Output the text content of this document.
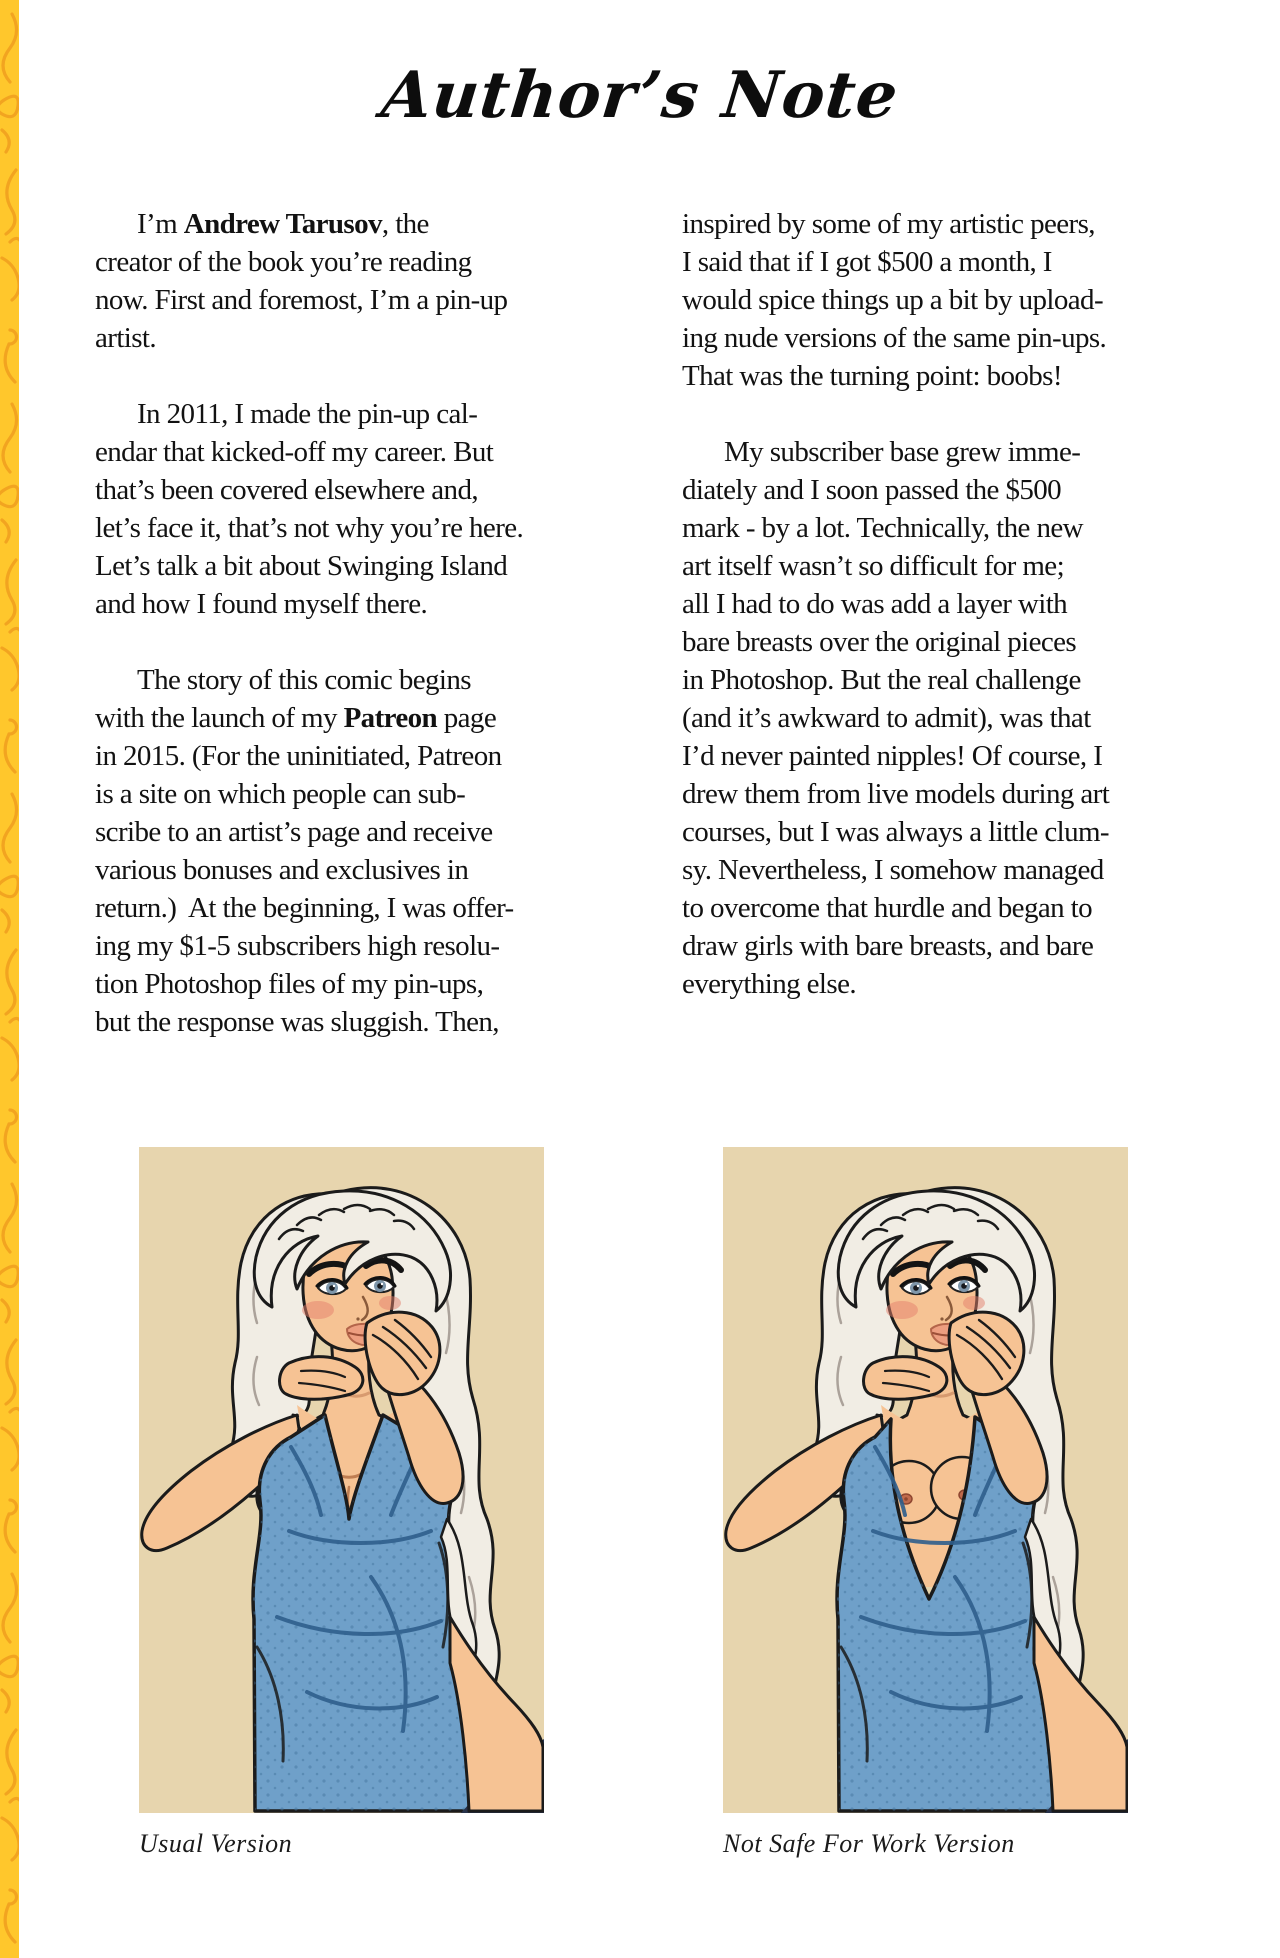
Author’s Note
I’m Andrew Tarusov, the
creator of the book you’re reading
now. First and foremost, I’m a pin-up
artist.
In 2011, I made the pin-up cal-
endar that kicked-off my career. But
that’s been covered elsewhere and,
let’s face it, that’s not why you’re here.
Let’s talk a bit about Swinging Island
and how I found myself there.
The story of this comic begins
with the launch of my Patreon page
in 2015. (For the uninitiated, Patreon
is a site on which people can sub-
scribe to an artist’s page and receive
various bonuses and exclusives in
return.)  At the beginning, I was offer-
ing my $1-5 subscribers high resolu-
tion Photoshop files of my pin-ups,
but the response was sluggish. Then,
inspired by some of my artistic peers,
I said that if I got $500 a month, I
would spice things up a bit by upload-
ing nude versions of the same pin-ups.
That was the turning point: boobs!
My subscriber base grew imme-
diately and I soon passed the $500
mark - by a lot. Technically, the new
art itself wasn’t so difficult for me;
all I had to do was add a layer with
bare breasts over the original pieces
in Photoshop. But the real challenge
(and it’s awkward to admit), was that
I’d never painted nipples! Of course, I
drew them from live models during art
courses, but I was always a little clum-
sy. Nevertheless, I somehow managed
to overcome that hurdle and began to
draw girls with bare breasts, and bare
everything else.
Usual Version	Not Safe For Work Version
